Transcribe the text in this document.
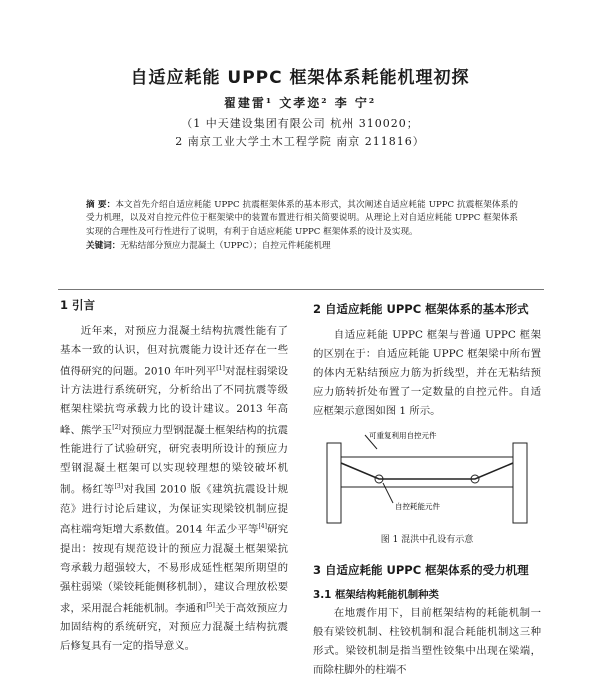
自适应耗能 UPPC 框架体系耗能机理初探
翟建雷¹ 文孝迩² 李 宁²
（1 中天建设集团有限公司 杭州 310020；
2 南京工业大学土木工程学院 南京 211816）
摘 要：本文首先介绍自适应耗能 UPPC 抗震框架体系的基本形式，其次阐述自适应耗能 UPPC 抗震框架体系的受力机理，以及对自控元件位于框架梁中的装置布置进行相关简要说明。从理论上对自适应耗能 UPPC 框架体系实现的合理性及可行性进行了说明，有利于自适应耗能 UPPC 框架体系的设计及实现。
关键词：无粘结部分预应力混凝土（UPPC）；自控元件耗能机理
1 引言

近年来，对预应力混凝土结构抗震性能有了基本一致的认识，但对抗震能力设计还存在一些值得研究的问题。2010 年叶列平[1]对混柱弱梁设计方法进行系统研究，分析给出了不同抗震等级框架柱梁抗弯承载力比的设计建议。2013 年高峰、熊学玉[2]对预应力型钢混凝土框架结构的抗震性能进行了试验研究，研究表明所设计的预应力型钢混凝土框架可以实现较理想的梁铰破坏机制。杨红等[3]对我国 2010 版《建筑抗震设计规范》进行讨论后建议，为保证实现梁铰机制应提高柱端弯矩增大系数值。2014 年孟少平等[4]研究提出：按现有规范设计的预应力混凝土框架梁抗弯承载力超强较大，不易形成延性框架所期望的强柱弱梁（梁铰耗能侧移机制），建议合理放松要求，采用混合耗能机制。李通和[5]关于高效预应力加固结构的系统研究，对预应力混凝土结构抗震后修复具有一定的指导意义。

2 自适应耗能 UPPC 框架体系的基本形式

自适应耗能 UPPC 框架与普通 UPPC 框架的区别在于：自适应耗能 UPPC 框架梁中所布置的体内无粘结预应力筋为折线型，并在无粘结预应力筋转折处布置了一定数量的自控元件。自适应框架示意图如图 1 所示。

可重复利用自控元件
自控耗能元件
图 1 混洪中孔设有示意
3 自适应耗能 UPPC 框架体系的受力机理
3.1 框架结构耗能机制种类

在地震作用下，目前框架结构的耗能机制一般有梁铰机制、柱铰机制和混合耗能机制这三种形式。梁铰机制是指当塑性铰集中出现在梁端，而除柱脚外的柱端不
